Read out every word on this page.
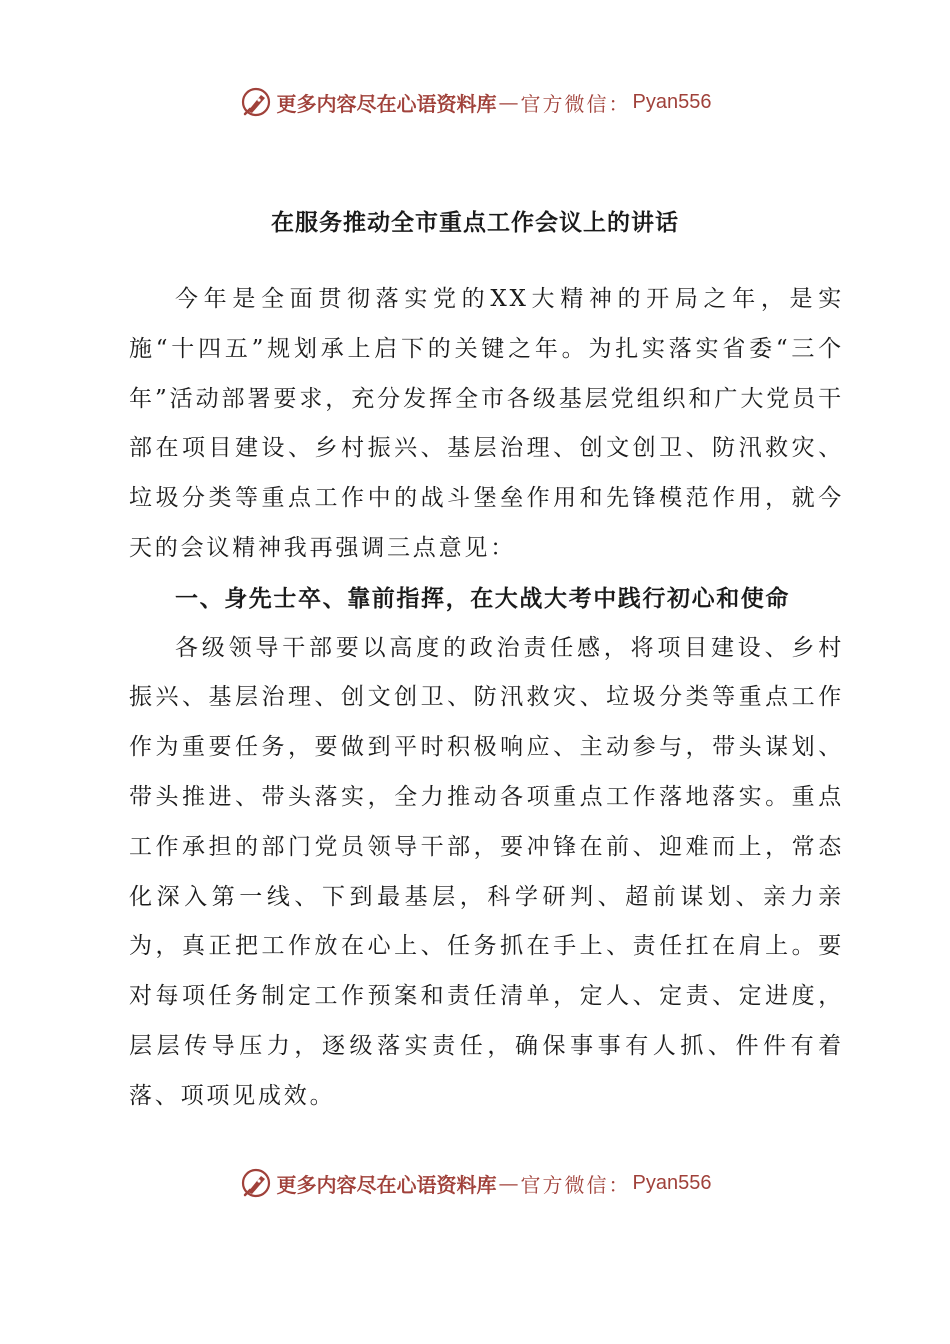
更多内容尽在心语资料库 — 官方微信： Pyan556
在服务推动全市重点工作会议上的讲话

今年是全面贯彻落实党的XX大精神的开局之年，是实施“十四五”规划承上启下的关键之年。为扎实落实省委“三个年”活动部署要求，充分发挥全市各级基层党组织和广大党员干部在项目建设、乡村振兴、基层治理、创文创卫、防汛救灾、垃圾分类等重点工作中的战斗堡垒作用和先锋模范作用，就今天的会议精神我再强调三点意见：

一、身先士卒、靠前指挥，在大战大考中践行初心和使命

各级领导干部要以高度的政治责任感，将项目建设、乡村振兴、基层治理、创文创卫、防汛救灾、垃圾分类等重点工作作为重要任务，要做到平时积极响应、主动参与，带头谋划、带头推进、带头落实，全力推动各项重点工作落地落实。重点工作承担的部门党员领导干部，要冲锋在前、迎难而上，常态化深入第一线、下到最基层，科学研判、超前谋划、亲力亲为，真正把工作放在心上、任务抓在手上、责任扛在肩上。要对每项任务制定工作预案和责任清单，定人、定责、定进度，层层传导压力，逐级落实责任，确保事事有人抓、件件有着落、项项见成效。

更多内容尽在心语资料库 — 官方微信： Pyan556
